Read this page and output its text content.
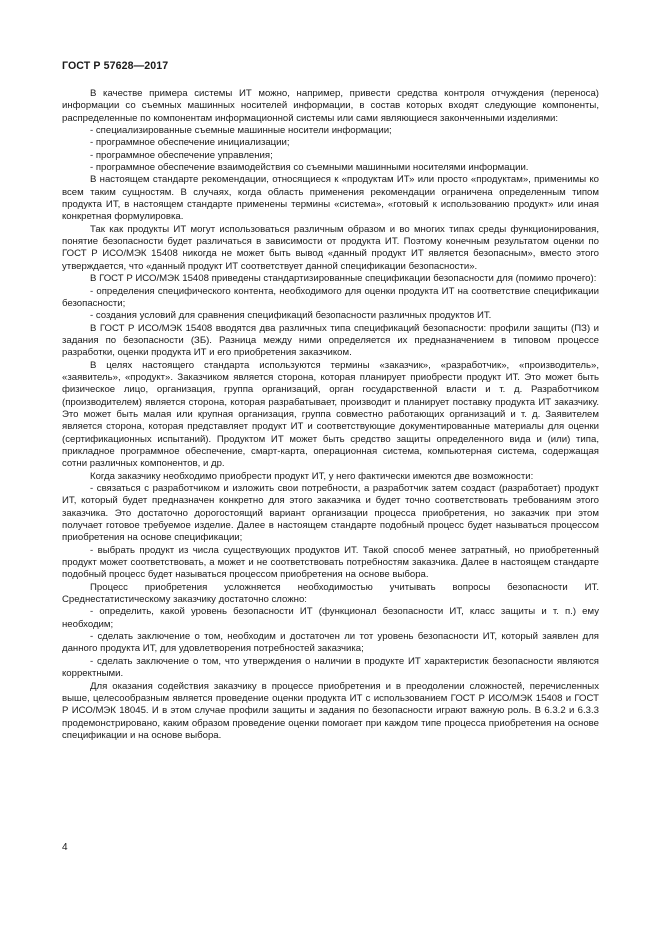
ГОСТ Р 57628—2017

В качестве примера системы ИТ можно, например, привести средства контроля отчуждения (переноса) информации со съемных машинных носителей информации, в состав которых входят следующие компоненты, распределенные по компонентам информационной системы или сами являющиеся законченными изделиями:

- специализированные съемные машинные носители информации;

- программное обеспечение инициализации;

- программное обеспечение управления;

- программное обеспечение взаимодействия со съемными машинными носителями информации.

В настоящем стандарте рекомендации, относящиеся к «продуктам ИТ» или просто «продуктам», применимы ко всем таким сущностям. В случаях, когда область применения рекомендации ограничена определенным типом продукта ИТ, в настоящем стандарте применены термины «система», «готовый к использованию продукт» или иная конкретная формулировка.

Так как продукты ИТ могут использоваться различным образом и во многих типах среды функционирования, понятие безопасности будет различаться в зависимости от продукта ИТ. Поэтому конечным результатом оценки по ГОСТ Р ИСО/МЭК 15408 никогда не может быть вывод «данный продукт ИТ является безопасным», вместо этого утверждается, что «данный продукт ИТ соответствует данной спецификации безопасности».

В ГОСТ Р ИСО/МЭК 15408 приведены стандартизированные спецификации безопасности для (помимо прочего):

- определения специфического контента, необходимого для оценки продукта ИТ на соответствие спецификации безопасности;

- создания условий для сравнения спецификаций безопасности различных продуктов ИТ.

В ГОСТ Р ИСО/МЭК 15408 вводятся два различных типа спецификаций безопасности: профили защиты (ПЗ) и задания по безопасности (ЗБ). Разница между ними определяется их предназначением в типовом процессе разработки, оценки продукта ИТ и его приобретения заказчиком.

В целях настоящего стандарта используются термины «заказчик», «разработчик», «производитель», «заявитель», «продукт». Заказчиком является сторона, которая планирует приобрести продукт ИТ. Это может быть физическое лицо, организация, группа организаций, орган государственной власти и т. д. Разработчиком (производителем) является сторона, которая разрабатывает, производит и планирует поставку продукта ИТ заказчику. Это может быть малая или крупная организация, группа совместно работающих организаций и т. д. Заявителем является сторона, которая представляет продукт ИТ и соответствующие документированные материалы для оценки (сертификационных испытаний). Продуктом ИТ может быть средство защиты определенного вида и (или) типа, прикладное программное обеспечение, смарт-карта, операционная система, компьютерная система, содержащая сотни различных компонентов, и др.

Когда заказчику необходимо приобрести продукт ИТ, у него фактически имеются две возможности:

- связаться с разработчиком и изложить свои потребности, а разработчик затем создаст (разработает) продукт ИТ, который будет предназначен конкретно для этого заказчика и будет точно соответствовать требованиям этого заказчика. Это достаточно дорогостоящий вариант организации процесса приобретения, но заказчик при этом получает готовое требуемое изделие. Далее в настоящем стандарте подобный процесс будет называться процессом приобретения на основе спецификации;

- выбрать продукт из числа существующих продуктов ИТ. Такой способ менее затратный, но приобретенный продукт может соответствовать, а может и не соответствовать потребностям заказчика. Далее в настоящем стандарте подобный процесс будет называться процессом приобретения на основе выбора.

Процесс приобретения усложняется необходимостью учитывать вопросы безопасности ИТ. Среднестатистическому заказчику достаточно сложно:

- определить, какой уровень безопасности ИТ (функционал безопасности ИТ, класс защиты и т. п.) ему необходим;

- сделать заключение о том, необходим и достаточен ли тот уровень безопасности ИТ, который заявлен для данного продукта ИТ, для удовлетворения потребностей заказчика;

- сделать заключение о том, что утверждения о наличии в продукте ИТ характеристик безопасности являются корректными.

Для оказания содействия заказчику в процессе приобретения и в преодолении сложностей, перечисленных выше, целесообразным является проведение оценки продукта ИТ с использованием ГОСТ Р ИСО/МЭК 15408 и ГОСТ Р ИСО/МЭК 18045. И в этом случае профили защиты и задания по безопасности играют важную роль. В 6.3.2 и 6.3.3 продемонстрировано, каким образом проведение оценки помогает при каждом типе процесса приобретения на основе спецификации и на основе выбора.

4
